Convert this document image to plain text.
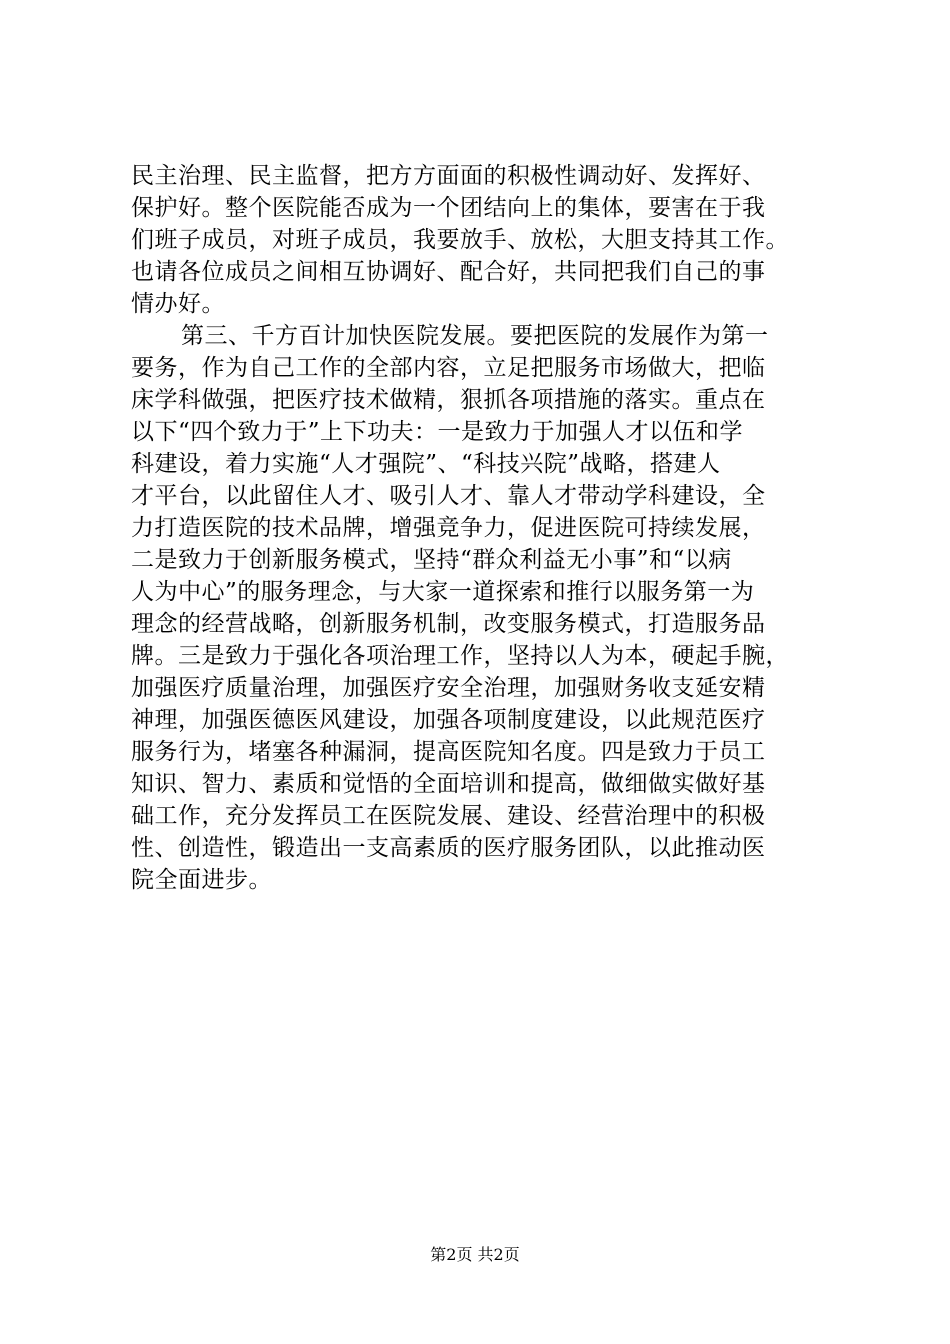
民主治理、民主监督，把方方面面的积极性调动好、发挥好、
保护好。整个医院能否成为一个团结向上的集体，要害在于我
们班子成员，对班子成员，我要放手、放松，大胆支持其工作。
也请各位成员之间相互协调好、配合好，共同把我们自己的事
情办好。
第三、千方百计加快医院发展。要把医院的发展作为第一
要务，作为自己工作的全部内容，立足把服务市场做大，把临
床学科做强，把医疗技术做精，狠抓各项措施的落实。重点在
以下“四个致力于”上下功夫：一是致力于加强人才以伍和学
科建设，着力实施“人才强院”、“科技兴院”战略，搭建人
才平台，以此留住人才、吸引人才、靠人才带动学科建设，全
力打造医院的技术品牌，增强竞争力，促进医院可持续发展，
二是致力于创新服务模式，坚持“群众利益无小事”和“以病
人为中心”的服务理念，与大家一道探索和推行以服务第一为
理念的经营战略，创新服务机制，改变服务模式，打造服务品
牌。三是致力于强化各项治理工作，坚持以人为本，硬起手腕，
加强医疗质量治理，加强医疗安全治理，加强财务收支延安精
神理，加强医德医风建设，加强各项制度建设，以此规范医疗
服务行为，堵塞各种漏洞，提高医院知名度。四是致力于员工
知识、智力、素质和觉悟的全面培训和提高，做细做实做好基
础工作，充分发挥员工在医院发展、建设、经营治理中的积极
性、创造性，锻造出一支高素质的医疗服务团队，以此推动医
院全面进步。
第2页 共2页
